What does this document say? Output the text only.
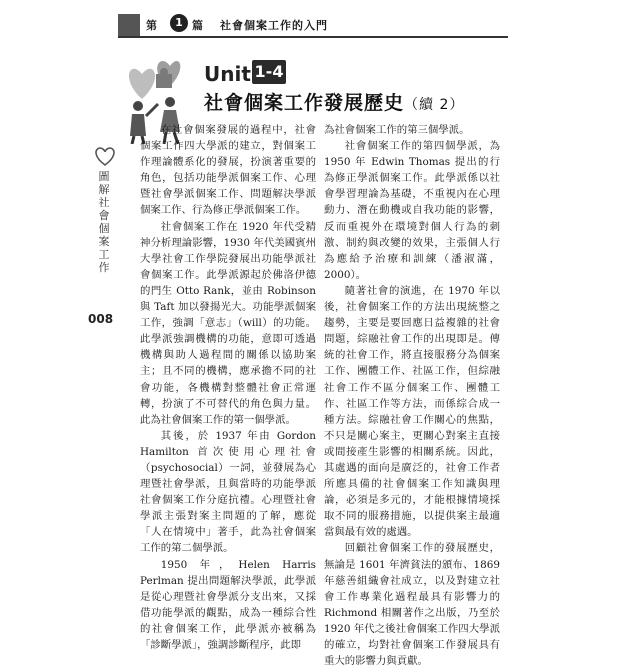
第	1 篇 社會個案工作的入門
Unit 1-4
社會個案工作發展歷史（續 2）
圖解社會個案工作
008

在社會個案發展的過程中，社會個案工作四大學派的建立，對個案工作理論體系化的發展，扮演著重要的角色，包括功能學派個案工作、心理暨社會學派個案工作、問題解決學派個案工作、行為修正學派個案工作。

社會個案工作在 1920 年代受精神分析理論影響，1930 年代美國賓州大學社會工作學院發展出功能學派社會個案工作。此學派源起於佛洛伊德的門生 Otto Rank，並由 Robinson 與 Taft 加以發揚光大。功能學派個案工作，強調「意志」（will）的功能。此學派強調機構的功能，意即可透過機構與助人過程間的關係以協助案主；且不同的機構，應承擔不同的社會功能，各機構對整體社會正常運轉，扮演了不可替代的角色與力量。此為社會個案工作的第一個學派。

其後，於 1937 年由 Gordon Hamilton 首次使用心理社會（psychosocial）一詞，並發展為心理暨社會學派，且與當時的功能學派社會個案工作分庭抗禮。心理暨社會學派主張對案主問題的了解，應從「人在情境中」著手，此為社會個案工作的第二個學派。

1950 年，Helen Harris Perlman 提出問題解決學派，此學派是從心理暨社會學派分支出來，又採借功能學派的觀點，成為一種綜合性的社會個案工作，此學派亦被稱為「診斷學派」，強調診斷程序，此即

為社會個案工作的第三個學派。

社會個案工作的第四個學派，為 1950 年 Edwin Thomas 提出的行為修正學派個案工作。此學派係以社會學習理論為基礎，不重視內在心理動力、潛在動機或自我功能的影響，反而重視外在環境對個人行為的刺激、制約與改變的效果，主張個人行為應給予治療和訓練（潘淑滿，2000）。

隨著社會的演進，在 1970 年以後，社會個案工作的方法出現統整之趨勢，主要是要回應日益複雜的社會問題，綜融社會工作的出現即是。傳統的社會工作，將直接服務分為個案工作、團體工作、社區工作，但綜融社會工作不區分個案工作、團體工作、社區工作等方法，而係綜合成一種方法。綜融社會工作關心的焦點，不只是關心案主，更關心對案主直接或間接產生影響的相關系統。因此，其處遇的面向是廣泛的，社會工作者所應具備的社會個案工作知識與理論，必須是多元的，才能根據情境採取不同的服務措施，以提供案主最適當與最有效的處遇。

回顧社會個案工作的發展歷史，無論是 1601 年濟貧法的頒布、1869 年慈善組織會社成立，以及對建立社會工作專業化過程最具有影響力的 Richmond 相關著作之出版，乃至於 1920 年代之後社會個案工作四大學派的確立，均對社會個案工作發展具有重大的影響力與貢獻。
